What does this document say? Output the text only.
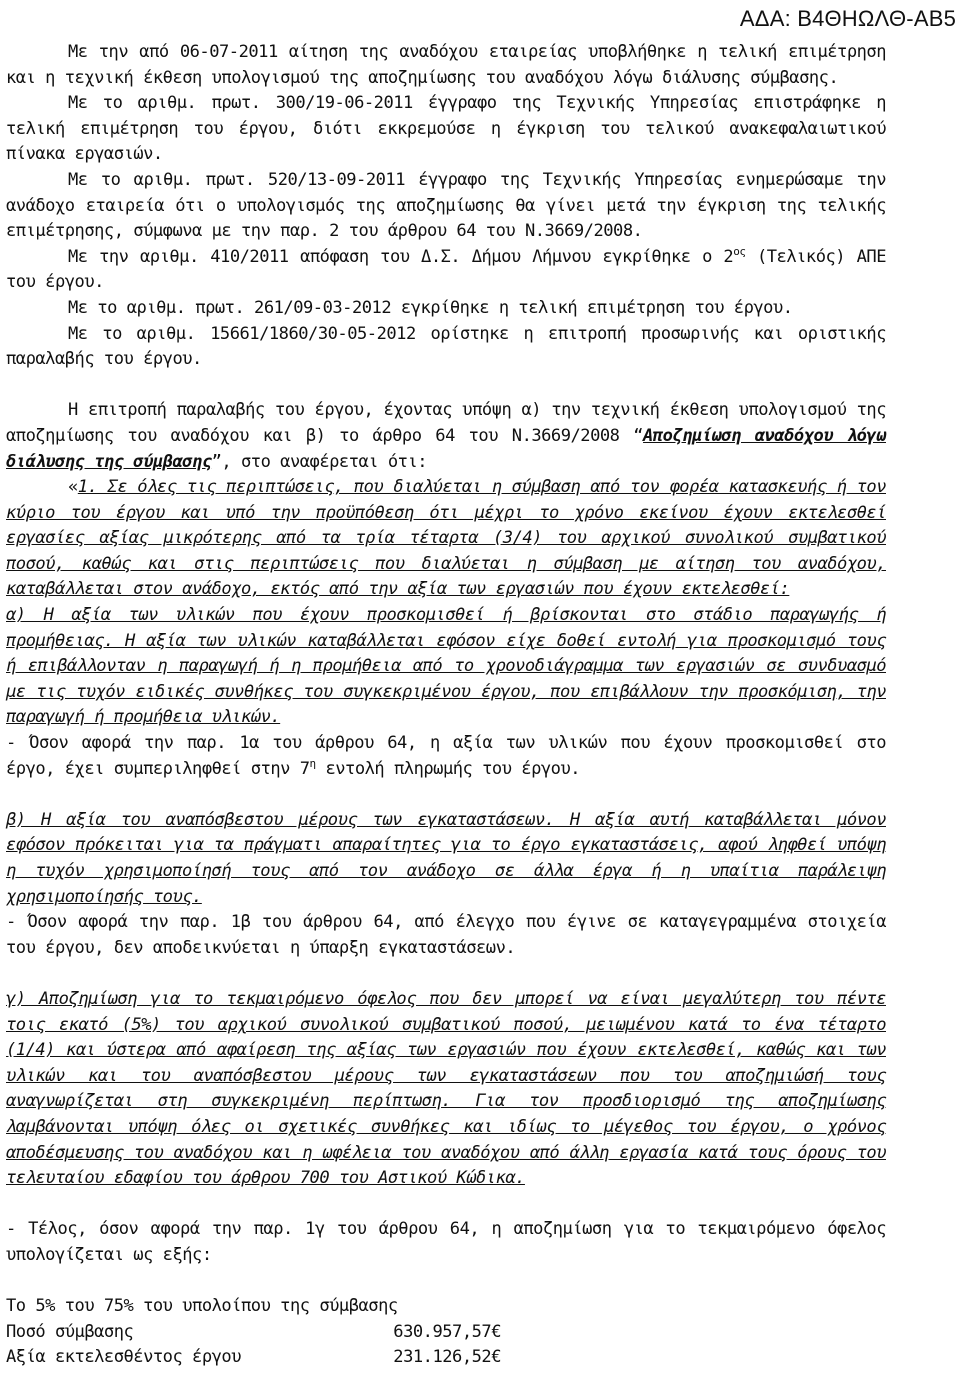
ΑΔΑ: Β4ΘΗΩΛΘ-ΑΒ5

Με την από 06-07-2011 αίτηση της αναδόχου εταιρείας υποβλήθηκε η τελική επιμέτρηση και η τεχνική έκθεση υπολογισμού της αποζημίωσης του αναδόχου λόγω διάλυσης σύμβασης.

Με το αριθμ. πρωτ. 300/19-06-2011 έγγραφο της Τεχνικής Υπηρεσίας επιστράφηκε η τελική επιμέτρηση του έργου, διότι εκκρεμούσε η έγκριση του τελικού ανακεφαλαιωτικού πίνακα εργασιών.

Με το αριθμ. πρωτ. 520/13-09-2011 έγγραφο της Τεχνικής Υπηρεσίας ενημερώσαμε την ανάδοχο εταιρεία ότι ο υπολογισμός της αποζημίωσης θα γίνει μετά την έγκριση της τελικής επιμέτρησης, σύμφωνα με την παρ. 2 του άρθρου 64 του Ν.3669/2008.

Με την αριθμ. 410/2011 απόφαση του Δ.Σ. Δήμου Λήμνου εγκρίθηκε ο $2^{o\varsigma}$ (Τελικός) ΑΠΕ του έργου.

Με το αριθμ. πρωτ. 261/09-03-2012 εγκρίθηκε η τελική επιμέτρηση του έργου.

Με το αριθμ. 15661/1860/30-05-2012 ορίστηκε η επιτροπή προσωρινής και οριστικής παραλαβής του έργου.

Η επιτροπή παραλαβής του έργου, έχοντας υπόψη α) την τεχνική έκθεση υπολογισμού της αποζημίωσης του αναδόχου και β) το άρθρο 64 του Ν.3669/2008 “Αποζημίωση αναδόχου λόγω διάλυσης της σύμβασης”, στο αναφέρεται ότι:

«1. Σε όλες τις περιπτώσεις, που διαλύεται η σύμβαση από τον φορέα κατασκευής ή τον κύριο του έργου και υπό την προϋπόθεση ότι μέχρι το χρόνο εκείνου έχουν εκτελεσθεί εργασίες αξίας μικρότερης από τα τρία τέταρτα (3/4) του αρχικού συνολικού συμβατικού ποσού, καθώς και στις περιπτώσεις που διαλύεται η σύμβαση με αίτηση του αναδόχου, καταβάλλεται στον ανάδοχο, εκτός από την αξία των εργασιών που έχουν εκτελεσθεί:

α) Η αξία των υλικών που έχουν προσκομισθεί ή βρίσκονται στο στάδιο παραγωγής ή προμήθειας. Η αξία των υλικών καταβάλλεται εφόσον είχε δοθεί εντολή για προσκομισμό τους ή επιβάλλονταν η παραγωγή ή η προμήθεια από το χρονοδιάγραμμα των εργασιών σε συνδυασμό με τις τυχόν ειδικές συνθήκες του συγκεκριμένου έργου, που επιβάλλουν την προσκόμιση, την παραγωγή ή προμήθεια υλικών.

- Όσον αφορά την παρ. 1α του άρθρου 64, η αξία των υλικών που έχουν προσκομισθεί στο έργο, έχει συμπεριληφθεί στην $7^\eta$ εντολή πληρωμής του έργου.

β) Η αξία του αναπόσβεστου μέρους των εγκαταστάσεων. Η αξία αυτή καταβάλλεται μόνον εφόσον πρόκειται για τα πράγματι απαραίτητες για το έργο εγκαταστάσεις, αφού ληφθεί υπόψη η τυχόν χρησιμοποίησή τους από τον ανάδοχο σε άλλα έργα ή η υπαίτια παράλειψη χρησιμοποίησής τους.

- Όσον αφορά την παρ. 1β του άρθρου 64, από έλεγχο που έγινε σε καταγεγραμμένα στοιχεία του έργου, δεν αποδεικνύεται η ύπαρξη εγκαταστάσεων.

γ) Αποζημίωση για το τεκμαιρόμενο όφελος που δεν μπορεί να είναι μεγαλύτερη του πέντε τοις εκατό (5%) του αρχικού συνολικού συμβατικού ποσού, μειωμένου κατά το ένα τέταρτο (1/4) και ύστερα από αφαίρεση της αξίας των εργασιών που έχουν εκτελεσθεί, καθώς και των υλικών και του αναπόσβεστου μέρους των εγκαταστάσεων που του αποζημιώσή τους αναγνωρίζεται στη συγκεκριμένη περίπτωση. Για τον προσδιορισμό της αποζημίωσης λαμβάνονται υπόψη όλες οι σχετικές συνθήκες και ιδίως το μέγεθος του έργου, ο χρόνος αποδέσμευσης του αναδόχου και η ωφέλεια του αναδόχου από άλλη εργασία κατά τους όρους του τελευταίου εδαφίου του άρθρου 700 του Αστικού Κώδικα.

- Τέλος, όσον αφορά την παρ. 1γ του άρθρου 64, η αποζημίωση για το τεκμαιρόμενο όφελος υπολογίζεται ως εξής:

Το 5% του 75% του υπολοίπου της σύμβασης

Ποσό σύμβασης	630.957,57€
Αξία εκτελεσθέντος έργου	231.126,52€
